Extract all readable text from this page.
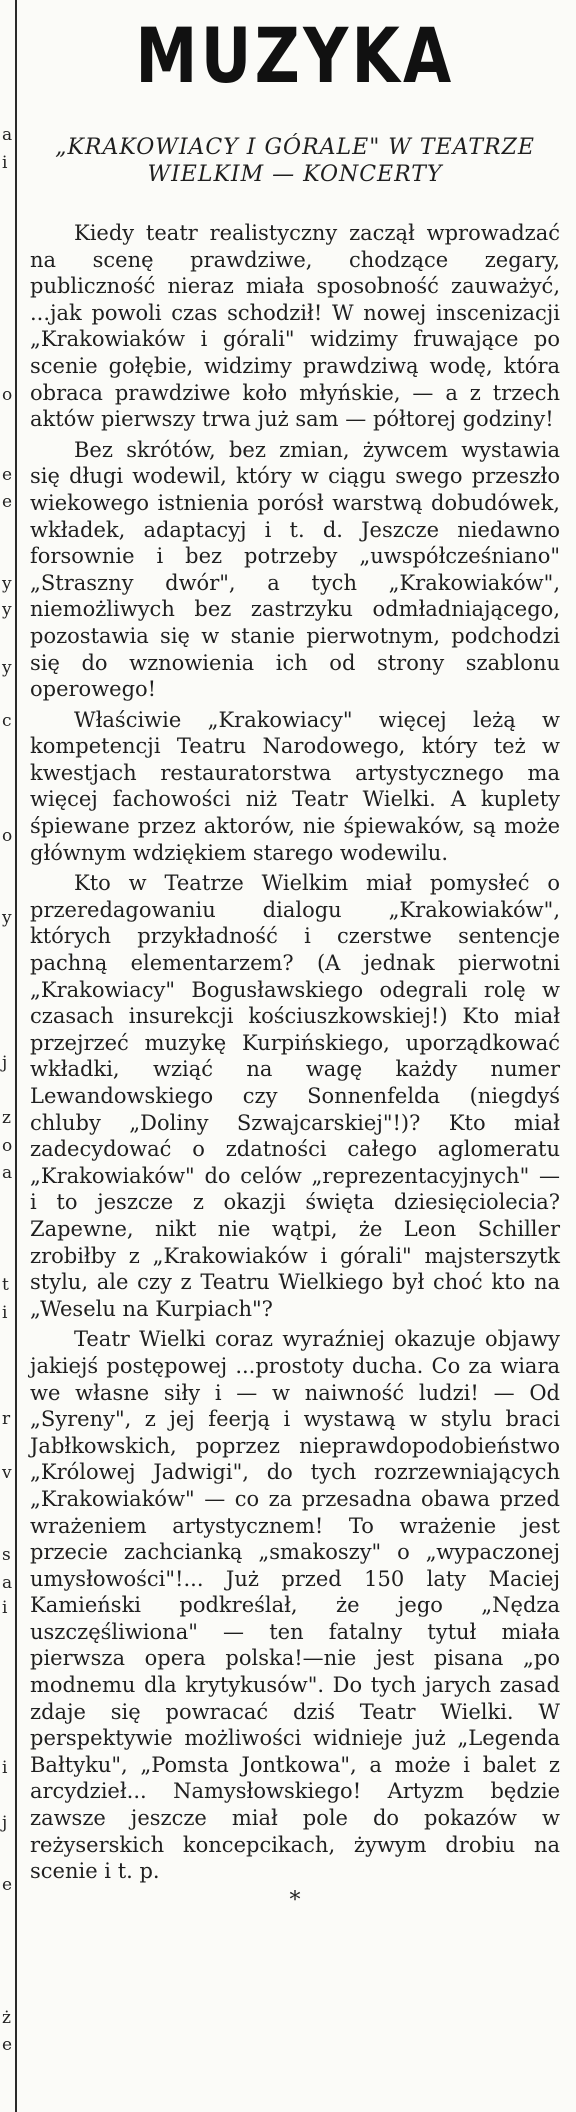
a
i
o
e
e
y
y
y
c
o
y
j
z
o
a
t
i
r
v
s
a
i
i
j
e
ż
e
MUZYKA
„KRAKOWIACY I GÓRALE" W TEATRZE WIELKIM — KONCERTY

Kiedy teatr realistyczny zaczął wprowadzać na scenę prawdziwe, chodzące zegary, publiczność nieraz miała sposobność zauważyć, ...jak powoli czas schodził! W nowej inscenizacji „Krakowiaków i górali" widzimy fruwające po scenie gołębie, widzimy prawdziwą wodę, która obraca prawdziwe koło młyńskie, — a z trzech aktów pierwszy trwa już sam — półtorej godziny!

Bez skrótów, bez zmian, żywcem wystawia się długi wodewil, który w ciągu swego przeszło wiekowego istnienia porósł warstwą dobudówek, wkładek, adaptacyj i t. d. Jeszcze niedawno forsownie i bez potrzeby „uwspółcześniano" „Straszny dwór", a tych „Krakowiaków", niemożliwych bez zastrzyku odmładniającego, pozostawia się w stanie pierwotnym, podchodzi się do wznowienia ich od strony szablonu operowego!

Właściwie „Krakowiacy" więcej leżą w kompetencji Teatru Narodowego, który też w kwestjach restauratorstwa artystycznego ma więcej fachowości niż Teatr Wielki. A kuplety śpiewane przez aktorów, nie śpiewaków, są może głównym wdziękiem starego wodewilu.

Kto w Teatrze Wielkim miał pomysłeć o przeredagowaniu dialogu „Krakowiaków", których przykładność i czerstwe sentencje pachną elementarzem? (A jednak pierwotni „Krakowiacy" Bogusławskiego odegrali rolę w czasach insurekcji kościuszkowskiej!) Kto miał przejrzeć muzykę Kurpińskiego, uporządkować wkładki, wziąć na wagę każdy numer Lewandowskiego czy Sonnenfelda (niegdyś chluby „Doliny Szwajcarskiej"!)? Kto miał zadecydować o zdatności całego aglomeratu „Krakowiaków" do celów „reprezentacyjnych" — i to jeszcze z okazji święta dziesięciolecia? Zapewne, nikt nie wątpi, że Leon Schiller zrobiłby z „Krakowiaków i górali" majsterszytk stylu, ale czy z Teatru Wielkiego był choć kto na „Weselu na Kurpiach"?

Teatr Wielki coraz wyraźniej okazuje objawy jakiejś postępowej ...prostoty ducha. Co za wiara we własne siły i — w naiwność ludzi! — Od „Syreny", z jej feerją i wystawą w stylu braci Jabłkowskich, poprzez nieprawdopodobieństwo „Królowej Jadwigi", do tych rozrzewniających „Krakowiaków" — co za przesadna obawa przed wrażeniem artystycznem! To wrażenie jest przecie zachcianką „smakoszy" o „wypaczonej umysłowości"!... Już przed 150 laty Maciej Kamieński podkreślał, że jego „Nędza uszczęśliwiona" — ten fatalny tytuł miała pierwsza opera polska!—nie jest pisana „po modnemu dla krytykusów". Do tych jarych zasad zdaje się powracać dziś Teatr Wielki. W perspektywie możliwości widnieje już „Legenda Bałtyku", „Pomsta Jontkowa", a może i balet z arcydzieł... Namysłowskiego! Artyzm będzie zawsze jeszcze miał pole do pokazów w reżyserskich koncepcikach, żywym drobiu na scenie i t. p.

*
